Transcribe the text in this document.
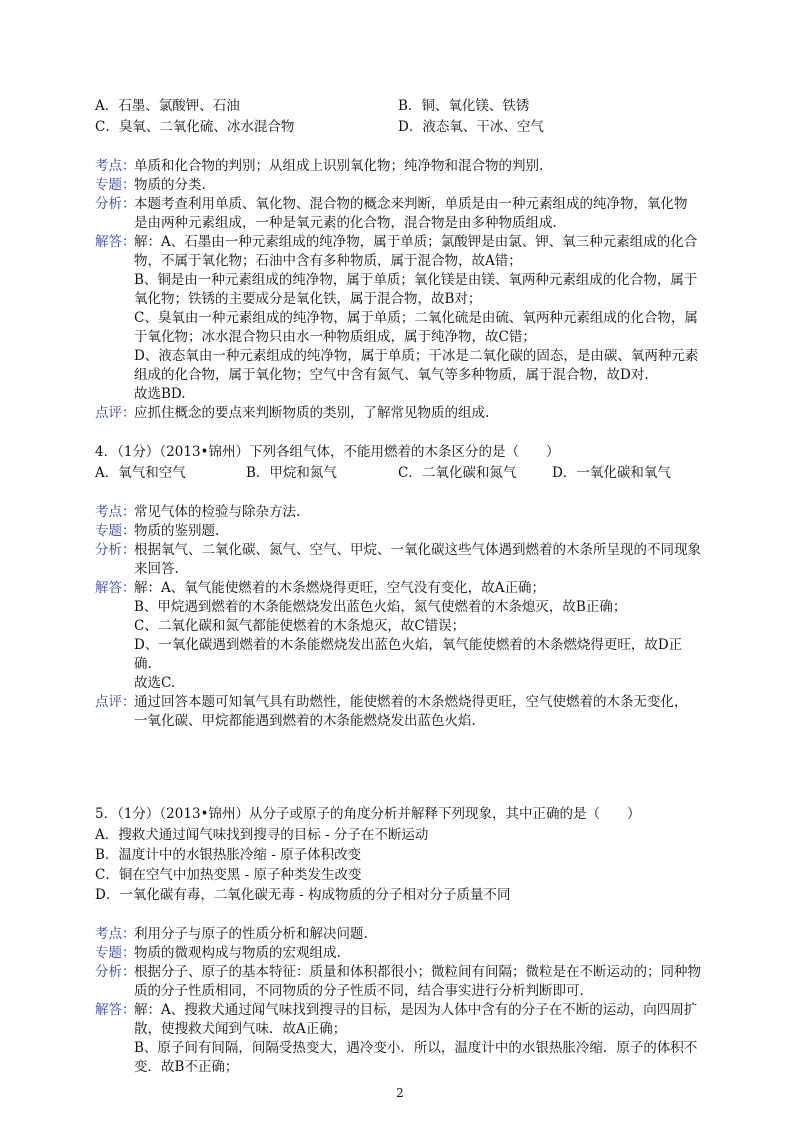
A．石墨、氯酸钾、石油	B．铜、氧化镁、铁锈
C．臭氧、二氧化硫、冰水混合物	D．液态氧、干冰、空气
考点：
单质和化合物的判别；从组成上识别氧化物；纯净物和混合物的判别.
专题：
物质的分类.
分析：
本题考查利用单质、氧化物、混合物的概念来判断，单质是由一种元素组成的纯净物，氧化物
是由两种元素组成，一种是氧元素的化合物，混合物是由多种物质组成.
解答：
解：A、石墨由一种元素组成的纯净物，属于单质；氯酸钾是由氯、钾、氧三种元素组成的化合
物，不属于氧化物；石油中含有多种物质，属于混合物，故A错；
B、铜是由一种元素组成的纯净物，属于单质；氧化镁是由镁、氧两种元素组成的化合物，属于
氧化物；铁锈的主要成分是氧化铁，属于混合物，故B对；
C、臭氧由一种元素组成的纯净物，属于单质；二氧化硫是由硫、氧两种元素组成的化合物，属
于氧化物；冰水混合物只由水一种物质组成，属于纯净物，故C错；
D、液态氧由一种元素组成的纯净物，属于单质；干冰是二氧化碳的固态，是由碳、氧两种元素
组成的化合物，属于氧化物；空气中含有氮气、氧气等多种物质，属于混合物，故D对.
故选BD.
点评：
应抓住概念的要点来判断物质的类别，了解常见物质的组成.
4．（1分）（2013•锦州）下列各组气体，不能用燃着的木条区分的是（　　）
A．氧气和空气	B．甲烷和氮气	C．二氧化碳和氮气	D．一氧化碳和氧气
考点：
常见气体的检验与除杂方法.
专题：
物质的鉴别题.
分析：
根据氧气、二氧化碳、氮气、空气、甲烷、一氧化碳这些气体遇到燃着的木条所呈现的不同现象
来回答.
解答：
解：A、氧气能使燃着的木条燃烧得更旺，空气没有变化，故A正确；
B、甲烷遇到燃着的木条能燃烧发出蓝色火焰，氮气使燃着的木条熄灭，故B正确；
C、二氧化碳和氮气都能使燃着的木条熄灭，故C错误；
D、一氧化碳遇到燃着的木条能燃烧发出蓝色火焰，氧气能使燃着的木条燃烧得更旺，故D正
确.
故选C.
点评：
通过回答本题可知氧气具有助燃性，能使燃着的木条燃烧得更旺，空气使燃着的木条无变化，
一氧化碳、甲烷都能遇到燃着的木条能燃烧发出蓝色火焰.
5．（1分）（2013•锦州）从分子或原子的角度分析并解释下列现象，其中正确的是（　　）
A．搜救犬通过闻气味找到搜寻的目标 - 分子在不断运动
B．温度计中的水银热胀冷缩 - 原子体积改变
C．铜在空气中加热变黑 - 原子种类发生改变
D．一氧化碳有毒，二氧化碳无毒 - 构成物质的分子相对分子质量不同
考点：
利用分子与原子的性质分析和解决问题.
专题：
物质的微观构成与物质的宏观组成.
分析：
根据分子、原子的基本特征：质量和体积都很小；微粒间有间隔；微粒是在不断运动的；同种物
质的分子性质相同，不同物质的分子性质不同，结合事实进行分析判断即可.
解答：
解：A、搜救犬通过闻气味找到搜寻的目标，是因为人体中含有的分子在不断的运动，向四周扩
散，使搜救犬闻到气味．故A正确；
B、原子间有间隔，间隔受热变大，遇冷变小．所以，温度计中的水银热胀冷缩．原子的体积不
变．故B不正确；
2
